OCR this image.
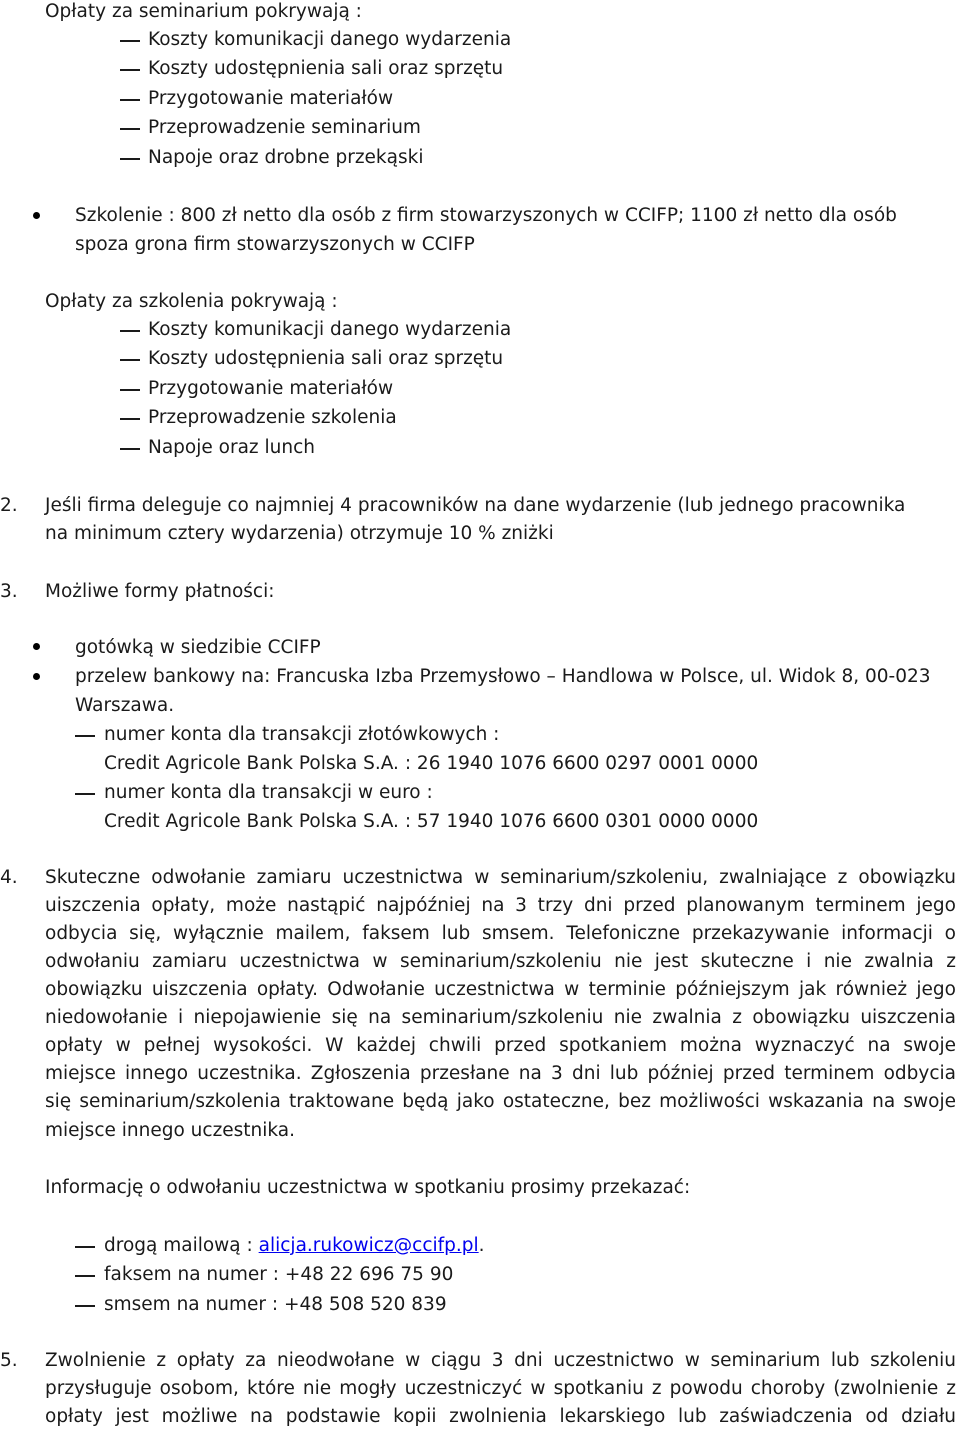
Opłaty za seminarium pokrywają :
Koszty komunikacji danego wydarzenia
Koszty udostępnienia sali oraz sprzętu
Przygotowanie materiałów
Przeprowadzenie seminarium
Napoje oraz drobne przekąski
Szkolenie : 800 zł netto dla osób z firm stowarzyszonych w CCIFP; 1100 zł netto dla osób
spoza grona firm stowarzyszonych w CCIFP
Opłaty za szkolenia pokrywają :
Koszty komunikacji danego wydarzenia
Koszty udostępnienia sali oraz sprzętu
Przygotowanie materiałów
Przeprowadzenie szkolenia
Napoje oraz lunch
2. Jeśli firma deleguje co najmniej 4 pracowników na dane wydarzenie (lub jednego pracownika
na minimum cztery wydarzenia) otrzymuje 10 % zniżki
3. Możliwe formy płatności:
gotówką w siedzibie CCIFP
przelew bankowy na: Francuska Izba Przemysłowo – Handlowa w Polsce, ul. Widok 8, 00-023
Warszawa.
numer konta dla transakcji złotówkowych :
Credit Agricole Bank Polska S.A. : 26 1940 1076 6600 0297 0001 0000
numer konta dla transakcji w euro :
Credit Agricole Bank Polska S.A. : 57 1940 1076 6600 0301 0000 0000
4. Skuteczne odwołanie zamiaru uczestnictwa w seminarium/szkoleniu, zwalniające z obowiązku
uiszczenia opłaty, może nastąpić najpóźniej na 3 trzy dni przed planowanym terminem jego
odbycia się, wyłącznie mailem, faksem lub smsem. Telefoniczne przekazywanie informacji o
odwołaniu zamiaru uczestnictwa w seminarium/szkoleniu nie jest skuteczne i nie zwalnia z
obowiązku uiszczenia opłaty. Odwołanie uczestnictwa w terminie późniejszym jak również jego
niedowołanie i niepojawienie się na seminarium/szkoleniu nie zwalnia z obowiązku uiszczenia
opłaty w pełnej wysokości. W każdej chwili przed spotkaniem można wyznaczyć na swoje
miejsce innego uczestnika. Zgłoszenia przesłane na 3 dni lub później przed terminem odbycia
się seminarium/szkolenia traktowane będą jako ostateczne, bez możliwości wskazania na swoje
miejsce innego uczestnika.
Informację o odwołaniu uczestnictwa w spotkaniu prosimy przekazać:
drogą mailową : alicja.rukowicz@ccifp.pl.
faksem na numer : +48 22 696 75 90
smsem na numer : +48 508 520 839
5. Zwolnienie z opłaty za nieodwołane w ciągu 3 dni uczestnictwo w seminarium lub szkoleniu
przysługuje osobom, które nie mogły uczestniczyć w spotkaniu z powodu choroby (zwolnienie z
opłaty jest możliwe na podstawie kopii zwolnienia lekarskiego lub zaświadczenia od działu
